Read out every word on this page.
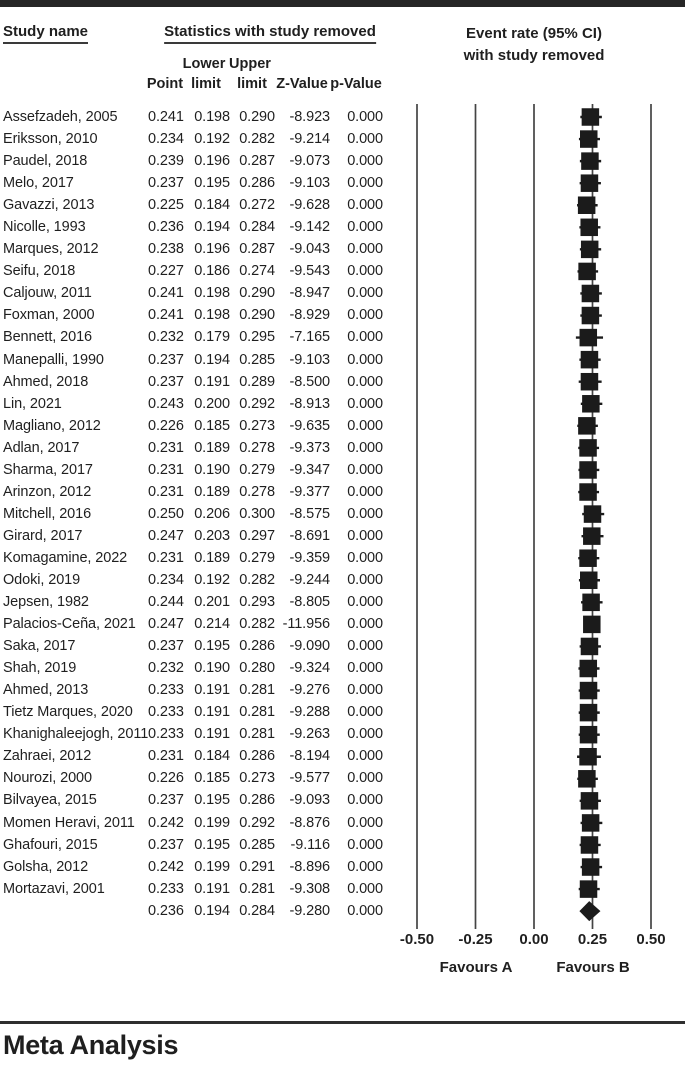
Study name	Statistics with study removed	Event rate (95% CI)
with study removed
Lower Upper
Point limit limit Z-Value p-Value
Assefzadeh, 2005	0.241 0.198 0.290 -8.923	0.000
Eriksson, 2010	0.234 0.192 0.282 -9.214	0.000
Paudel, 2018	0.239 0.196 0.287 -9.073	0.000
Melo, 2017	0.237 0.195 0.286 -9.103	0.000
Gavazzi, 2013	0.225 0.184 0.272 -9.628	0.000
Nicolle, 1993	0.236 0.194 0.284 -9.142	0.000
Marques, 2012	0.238 0.196 0.287 -9.043	0.000
Seifu, 2018	0.227 0.186 0.274 -9.543	0.000
Caljouw, 2011	0.241 0.198 0.290 -8.947	0.000
Foxman, 2000	0.241 0.198 0.290 -8.929	0.000
Bennett, 2016	0.232 0.179 0.295 -7.165	0.000
Manepalli, 1990	0.237 0.194 0.285 -9.103	0.000
Ahmed, 2018	0.237 0.191 0.289 -8.500	0.000
Lin, 2021	0.243 0.200 0.292 -8.913	0.000
Magliano, 2012	0.226 0.185 0.273 -9.635	0.000
Adlan, 2017	0.231 0.189 0.278 -9.373	0.000
Sharma, 2017	0.231 0.190 0.279 -9.347	0.000
Arinzon, 2012	0.231 0.189 0.278 -9.377	0.000
Mitchell, 2016	0.250 0.206 0.300 -8.575	0.000
Girard, 2017	0.247 0.203 0.297 -8.691	0.000
Komagamine, 2022	0.231 0.189 0.279 -9.359	0.000
Odoki, 2019	0.234 0.192 0.282 -9.244	0.000
Jepsen, 1982	0.244 0.201 0.293 -8.805	0.000
Palacios-Ceña, 2021 0.247 0.214 0.282 -11.956	0.000
Saka, 2017	0.237 0.195 0.286 -9.090	0.000
Shah, 2019	0.232 0.190 0.280 -9.324	0.000
Ahmed, 2013	0.233 0.191 0.281 -9.276	0.000
Tietz Marques, 2020	0.233 0.191 0.281 -9.288	0.000
Khanighaleejogh, 2011 0.233 0.191 0.281 -9.263	0.000
Zahraei, 2012	0.231 0.184 0.286 -8.194	0.000
Nourozi, 2000	0.226 0.185 0.273 -9.577	0.000
Bilvayea, 2015	0.237 0.195 0.286 -9.093	0.000
Momen Heravi, 2011 0.242 0.199 0.292 -8.876	0.000
Ghafouri, 2015	0.237 0.195 0.285	-9.116	0.000
Golsha, 2012	0.242 0.199 0.291 -8.896	0.000
Mortazavi, 2001	0.233 0.191 0.281 -9.308	0.000
0.236 0.194 0.284 -9.280	0.000
-0.50 -0.25 0.00 0.25 0.50
Favours A	Favours B
Meta Analysis
